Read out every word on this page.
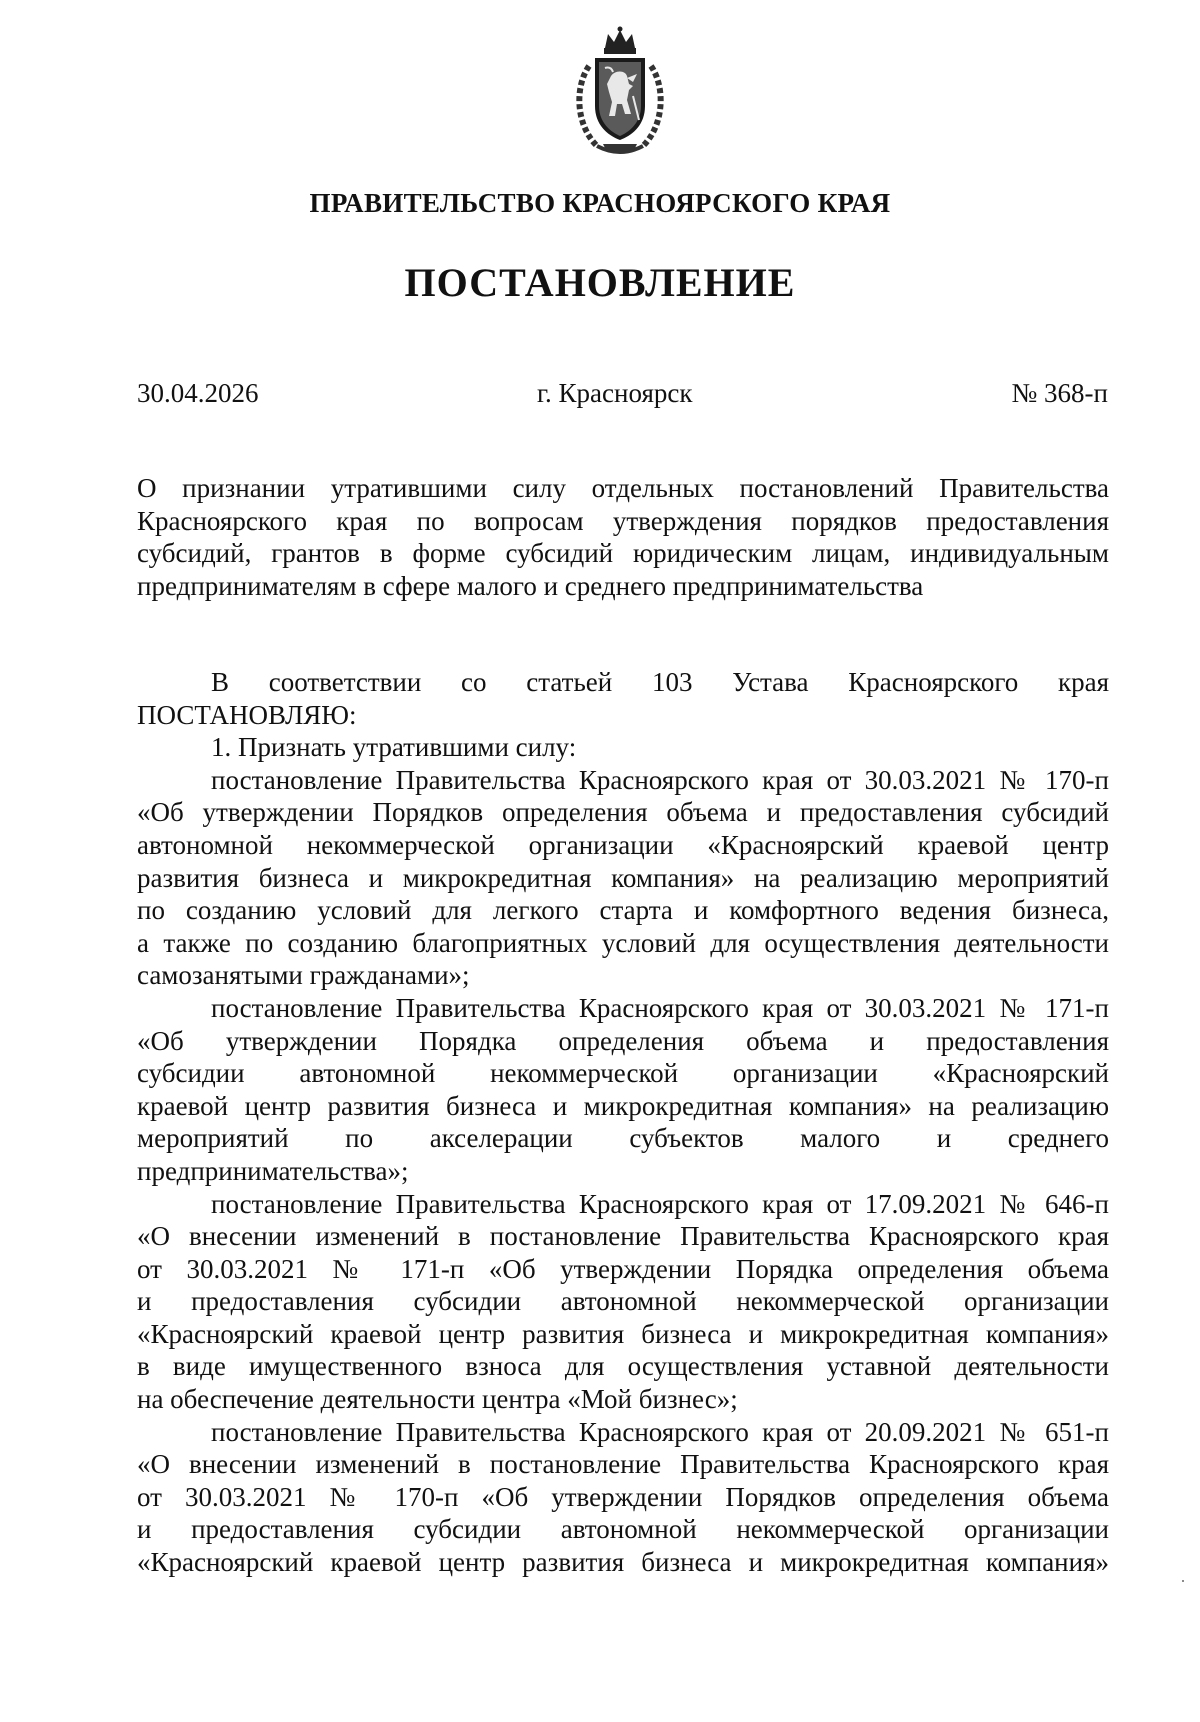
ПРАВИТЕЛЬСТВО КРАСНОЯРСКОГО КРАЯ
ПОСТАНОВЛЕНИЕ
30.04.2026	г. Красноярск	№ 368-п
О признании утратившими силу отдельных постановлений Правительства
Красноярского края по вопросам утверждения порядков предоставления
субсидий, грантов в форме субсидий юридическим лицам, индивидуальным
предпринимателям в сфере малого и среднего предпринимательства
В соответствии со статьей 103 Устава Красноярского края
ПОСТАНОВЛЯЮ:
1. Признать утратившими силу:
постановление Правительства Красноярского края от 30.03.2021 № 170-п
«Об утверждении Порядков определения объема и предоставления субсидий
автономной некоммерческой организации «Красноярский краевой центр
развития бизнеса и микрокредитная компания» на реализацию мероприятий
по созданию условий для легкого старта и комфортного ведения бизнеса,
а также по созданию благоприятных условий для осуществления деятельности
самозанятыми гражданами»;
постановление Правительства Красноярского края от 30.03.2021 № 171-п
«Об утверждении Порядка определения объема и предоставления
субсидии автономной некоммерческой организации «Красноярский
краевой центр развития бизнеса и микрокредитная компания» на реализацию
мероприятий по акселерации субъектов малого и среднего
предпринимательства»;
постановление Правительства Красноярского края от 17.09.2021 № 646-п
«О внесении изменений в постановление Правительства Красноярского края
от 30.03.2021 № 171-п «Об утверждении Порядка определения объема
и предоставления субсидии автономной некоммерческой организации
«Красноярский краевой центр развития бизнеса и микрокредитная компания»
в виде имущественного взноса для осуществления уставной деятельности
на обеспечение деятельности центра «Мой бизнес»;
постановление Правительства Красноярского края от 20.09.2021 № 651-п
«О внесении изменений в постановление Правительства Красноярского края
от 30.03.2021 № 170-п «Об утверждении Порядков определения объема
и предоставления субсидии автономной некоммерческой организации
«Красноярский краевой центр развития бизнеса и микрокредитная компания»
